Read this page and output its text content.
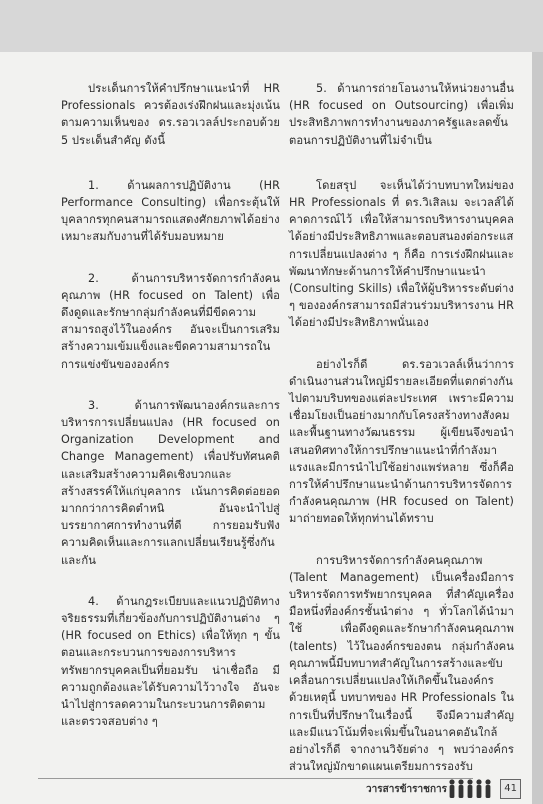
ประเด็นการให้คำปรึกษาแนะนำที่ HR Professionals ควรต้องเร่งฝึกฝนและมุ่งเน้นตามความเห็นของ ดร.รอวเวลล์ประกอบด้วย 5 ประเด็นสำคัญ ดังนี้

1. ด้านผลการปฏิบัติงาน (HR Performance Consulting) เพื่อกระตุ้นให้บุคลากรทุกคนสามารถแสดงศักยภาพได้อย่างเหมาะสมกับงานที่ได้รับมอบหมาย

2. ด้านการบริหารจัดการกำลังคนคุณภาพ (HR focused on Talent) เพื่อดึงดูดและรักษากลุ่มกำลังคนที่มีขีดความสามารถสูงไว้ในองค์กร อันจะเป็นการเสริมสร้างความเข้มแข็งและขีดความสามารถในการแข่งขันขององค์กร

3. ด้านการพัฒนาองค์กรและการบริหารการเปลี่ยนแปลง (HR focused on Organization Development and Change Management) เพื่อปรับทัศนคติและเสริมสร้างความคิดเชิงบวกและสร้างสรรค์ให้แก่บุคลากร เน้นการคิดต่อยอดมากกว่าการคิดตำหนิ อันจะนำไปสู่บรรยากาศการทำงานที่ดี การยอมรับฟังความคิดเห็นและการแลกเปลี่ยนเรียนรู้ซึ่งกันและกัน

4. ด้านกฎระเบียบและแนวปฏิบัติทางจริยธรรมที่เกี่ยวข้องกับการปฏิบัติงานต่าง ๆ (HR focused on Ethics) เพื่อให้ทุก ๆ ขั้นตอนและกระบวนการของการบริหารทรัพยากรบุคคลเป็นที่ยอมรับ น่าเชื่อถือ มีความถูกต้องและได้รับความไว้วางใจ อันจะนำไปสู่การลดความในกระบวนการติดตามและตรวจสอบต่าง ๆ

5. ด้านการถ่ายโอนงานให้หน่วยงานอื่น (HR focused on Outsourcing) เพื่อเพิ่มประสิทธิภาพการทำงานของภาครัฐและลดขั้นตอนการปฏิบัติงานที่ไม่จำเป็น

โดยสรุป จะเห็นได้ว่าบทบาทใหม่ของ HR Professionals ที่ ดร.วิเสิลเม จะเวลส์ได้คาดการณ์ไว้ เพื่อให้สามารถบริหารงานบุคคลได้อย่างมีประสิทธิภาพและตอบสนองต่อกระแสการเปลี่ยนแปลงต่าง ๆ ก็คือ การเร่งฝึกฝนและพัฒนาทักษะด้านการให้คำปรึกษาแนะนำ (Consulting Skills) เพื่อให้ผู้บริหารระดับต่าง ๆ ขององค์กรสามารถมีส่วนร่วมบริหารงาน HR ได้อย่างมีประสิทธิภาพนั่นเอง

อย่างไรก็ดี ดร.รอวเวลล์เห็นว่าการดำเนินงานส่วนใหญ่มีรายละเอียดที่แตกต่างกันไปตามบริบทของแต่ละประเทศ เพราะมีความเชื่อมโยงเป็นอย่างมากกับโครงสร้างทางสังคมและพื้นฐานทางวัฒนธรรม ผู้เขียนจึงขอนำเสนอทิศทางให้การปรึกษาแนะนำที่กำลังมาแรงและมีการนำไปใช้อย่างแพร่หลาย ซึ่งก็คือการให้คำปรึกษาแนะนำด้านการบริหารจัดการกำลังคนคุณภาพ (HR focused on Talent) มาถ่ายทอดให้ทุกท่านได้ทราบ

การบริหารจัดการกำลังคนคุณภาพ (Talent Management) เป็นเครื่องมือการบริหารจัดการทรัพยากรบุคคล ที่สำคัญเครื่องมือหนึ่งที่องค์กรชั้นนำต่าง ๆ ทั่วโลกได้นำมาใช้ เพื่อดึงดูดและรักษากำลังคนคุณภาพ (talents) ไว้ในองค์กรของตน กลุ่มกำลังคนคุณภาพนี้มีบทบาทสำคัญในการสร้างและขับเคลื่อนการเปลี่ยนแปลงให้เกิดขึ้นในองค์กร ด้วยเหตุนี้ บทบาทของ HR Professionals ในการเป็นที่ปรึกษาในเรื่องนี้ จึงมีความสำคัญและมีแนวโน้มที่จะเพิ่มขึ้นในอนาคตอันใกล้ อย่างไรก็ดี จากงานวิจัยต่าง ๆ พบว่าองค์กรส่วนใหญ่มักขาดแผนเตรียมการรองรับ

วารสารข้าราชการ	41
